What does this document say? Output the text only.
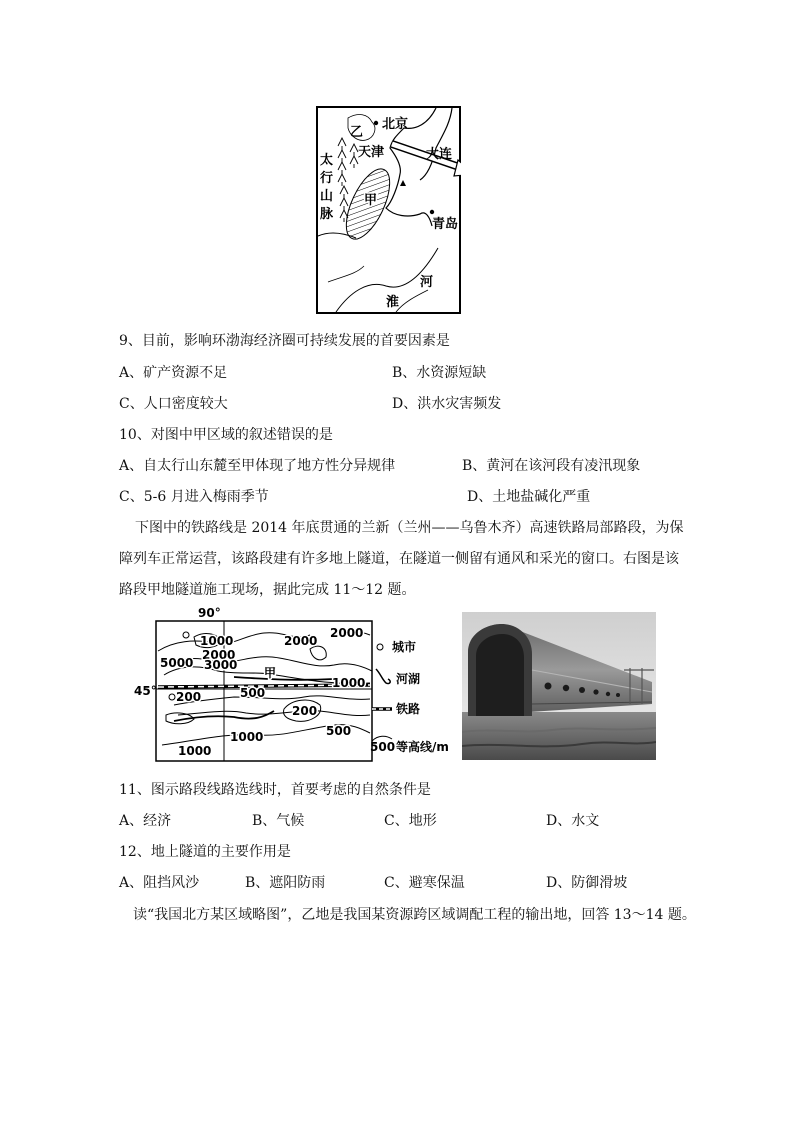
北京
乙
天津	大连
太
行
山
脉
甲
青岛
河
淮
9、目前，影响环渤海经济圈可持续发展的首要因素是
A、矿产资源不足	B、水资源短缺
C、人口密度较大	D、洪水灾害频发
10、对图中甲区域的叙述错误的是
A、自太行山东麓至甲体现了地方性分异规律	B、黄河在该河段有凌汛现象
C、5-6 月进入梅雨季节	D、土地盐碱化严重
下图中的铁路线是 2014 年底贯通的兰新（兰州——乌鲁木齐）高速铁路局部路段，为保
障列车正常运营，该路段建有许多地上隧道，在隧道一侧留有通风和采光的窗口。右图是该
路段甲地隧道施工现场，据此完成 11～12 题。
90°
45°
1000
2000
3000
5000
2000
2000
500
1000
200
200
1000
1000
500
甲
城市
河湖
铁路
500 等高线/m
11、图示路段线路选线时，首要考虑的自然条件是
A、经济	B、气候	C、地形	D、水文
12、地上隧道的主要作用是
A、阻挡风沙	B、遮阳防雨	C、避寒保温	D、防御滑坡
读“我国北方某区域略图”，乙地是我国某资源跨区域调配工程的输出地，回答 13～14 题。
